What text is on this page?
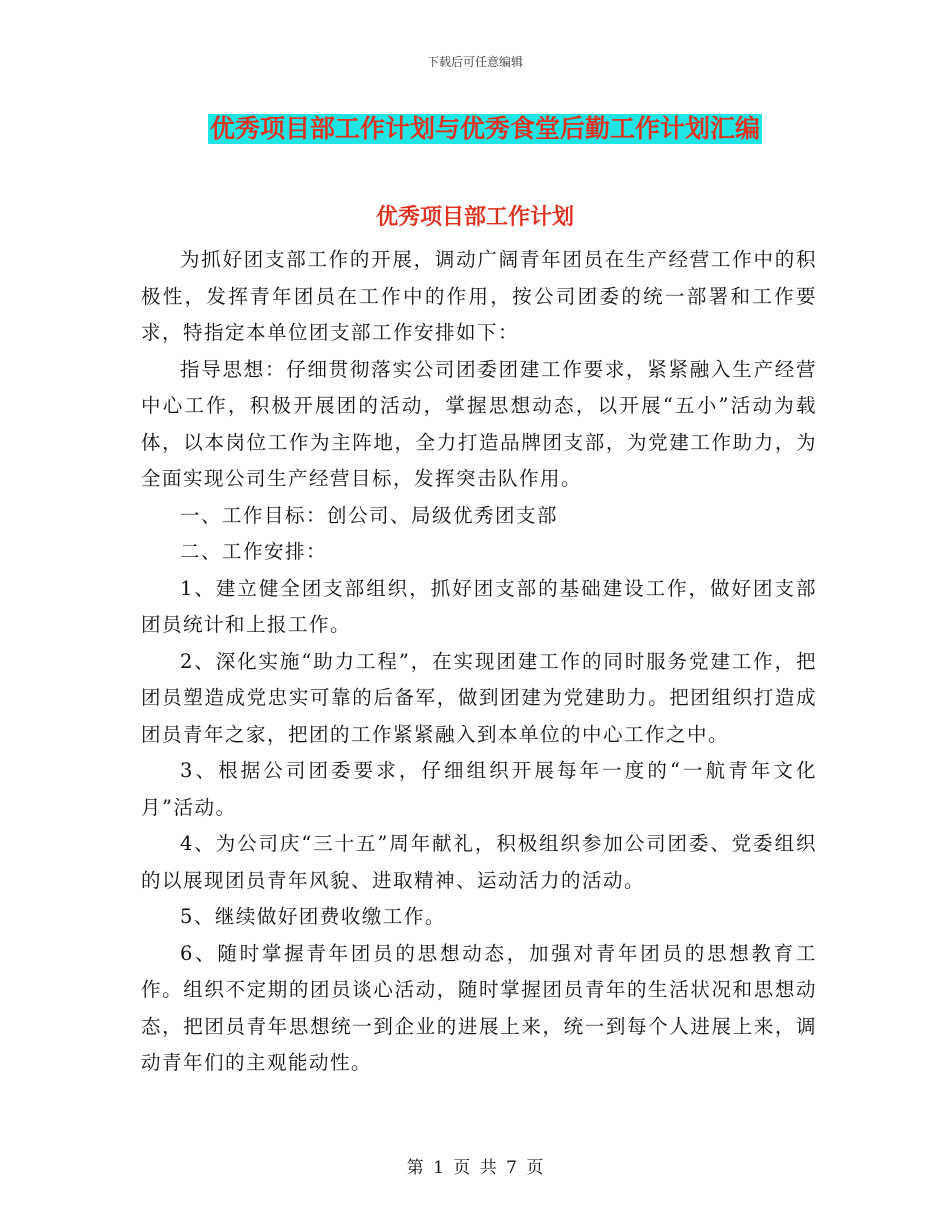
下载后可任意编辑
优秀项目部工作计划与优秀食堂后勤工作计划汇编
优秀项目部工作计划

为抓好团支部工作的开展，调动广阔青年团员在生产经营工作中的积极性，发挥青年团员在工作中的作用，按公司团委的统一部署和工作要求，特指定本单位团支部工作安排如下：

指导思想：仔细贯彻落实公司团委团建工作要求，紧紧融入生产经营中心工作，积极开展团的活动，掌握思想动态，以开展“五小”活动为载体，以本岗位工作为主阵地，全力打造品牌团支部，为党建工作助力，为全面实现公司生产经营目标，发挥突击队作用。

一、工作目标：创公司、局级优秀团支部

二、工作安排：

1、建立健全团支部组织，抓好团支部的基础建设工作，做好团支部团员统计和上报工作。

2、深化实施“助力工程”，在实现团建工作的同时服务党建工作，把团员塑造成党忠实可靠的后备军，做到团建为党建助力。把团组织打造成团员青年之家，把团的工作紧紧融入到本单位的中心工作之中。

3、根据公司团委要求，仔细组织开展每年一度的“一航青年文化月”活动。

4、为公司庆“三十五”周年献礼，积极组织参加公司团委、党委组织的以展现团员青年风貌、进取精神、运动活力的活动。

5、继续做好团费收缴工作。

6、随时掌握青年团员的思想动态，加强对青年团员的思想教育工作。组织不定期的团员谈心活动，随时掌握团员青年的生活状况和思想动态，把团员青年思想统一到企业的进展上来，统一到每个人进展上来，调动青年们的主观能动性。

第 1 页 共 7 页
